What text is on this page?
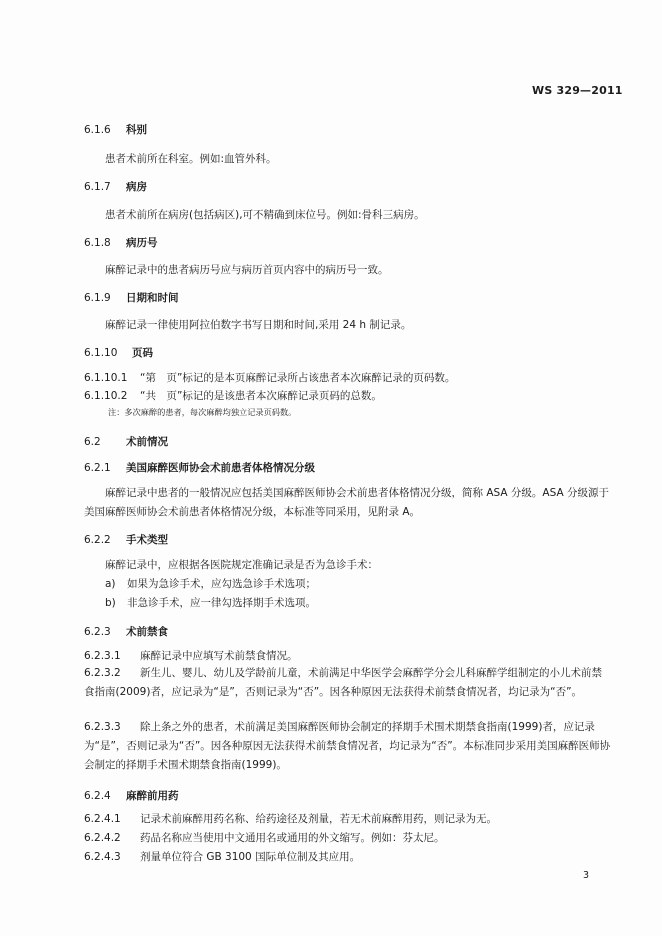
WS 329—2011
6.1.6 科别
患者术前所在科室。例如:血管外科。
6.1.7 病房
患者术前所在病房(包括病区),可不精确到床位号。例如:骨科三病房。
6.1.8 病历号
麻醉记录中的患者病历号应与病历首页内容中的病历号一致。
6.1.9 日期和时间
麻醉记录一律使用阿拉伯数字书写日期和时间,采用 24 h 制记录。
6.1.10 页码
6.1.10.1 “第　页”标记的是本页麻醉记录所占该患者本次麻醉记录的页码数。
6.1.10.2 “共　页”标记的是该患者本次麻醉记录页码的总数。
注：多次麻醉的患者，每次麻醉均独立记录页码数。
6.2 术前情况
6.2.1 美国麻醉医师协会术前患者体格情况分级
麻醉记录中患者的一般情况应包括美国麻醉医师协会术前患者体格情况分级，简称 ASA 分级。ASA 分级源于美国麻醉医师协会术前患者体格情况分级，本标准等同采用，见附录 A。
6.2.2 手术类型
麻醉记录中，应根据各医院规定准确记录是否为急诊手术：
a) 如果为急诊手术，应勾选急诊手术选项；
b) 非急诊手术，应一律勾选择期手术选项。
6.2.3 术前禁食
6.2.3.1 麻醉记录中应填写术前禁食情况。
6.2.3.2 新生儿、婴儿、幼儿及学龄前儿童，术前满足中华医学会麻醉学分会儿科麻醉学组制定的小儿术前禁食指南(2009)者，应记录为“是”，否则记录为“否”。因各种原因无法获得术前禁食情况者，均记录为“否”。
6.2.3.3 除上条之外的患者，术前满足美国麻醉医师协会制定的择期手术围术期禁食指南(1999)者，应记录为“是”，否则记录为“否”。因各种原因无法获得术前禁食情况者，均记录为“否”。本标准同步采用美国麻醉医师协会制定的择期手术围术期禁食指南(1999)。
6.2.4 麻醉前用药
6.2.4.1 记录术前麻醉用药名称、给药途径及剂量，若无术前麻醉用药，则记录为无。
6.2.4.2 药品名称应当使用中文通用名或通用的外文缩写。例如：芬太尼。
6.2.4.3 剂量单位符合 GB 3100 国际单位制及其应用。
3
